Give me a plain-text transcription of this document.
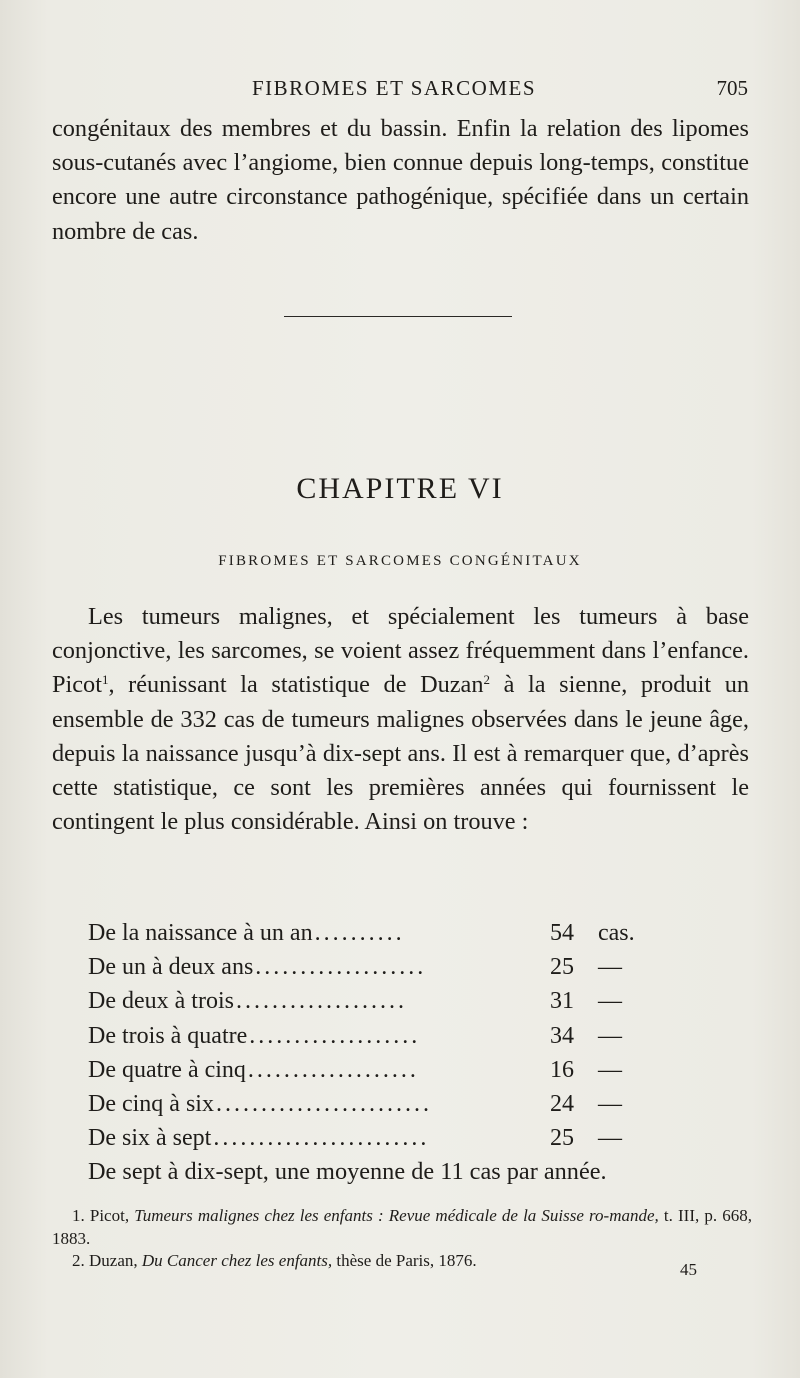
FIBROMES ET SARCOMES	705
congénitaux des membres et du bassin. Enfin la relation des lipomes sous-cutanés avec l’angiome, bien connue depuis long-temps, constitue encore une autre circonstance pathogénique, spécifiée dans un certain nombre de cas.
CHAPITRE VI
FIBROMES ET SARCOMES CONGÉNITAUX
Les tumeurs malignes, et spécialement les tumeurs à base conjonctive, les sarcomes, se voient assez fréquemment dans l’enfance. Picot$^1$, réunissant la statistique de Duzan$^2$ à la sienne, produit un ensemble de 332 cas de tumeurs malignes observées dans le jeune âge, depuis la naissance jusqu’à dix-sept ans. Il est à remarquer que, d’après cette statistique, ce sont les premières années qui fournissent le contingent le plus considérable. Ainsi on trouve :
De la naissance à un an ..........	54	cas.
De un à deux ans ...................	25	—
De deux à trois ...................	31	—
De trois à quatre ...................	34	—
De quatre à cinq ...................	16	—
De cinq à six ........................	24	—
De six à sept ........................	25	—
De sept à dix-sept, une moyenne de 11 cas par année.

1. Picot, Tumeurs malignes chez les enfants : Revue médicale de la Suisse ro-mande, t. III, p. 668, 1883.

2. Duzan, Du Cancer chez les enfants, thèse de Paris, 1876.	45
